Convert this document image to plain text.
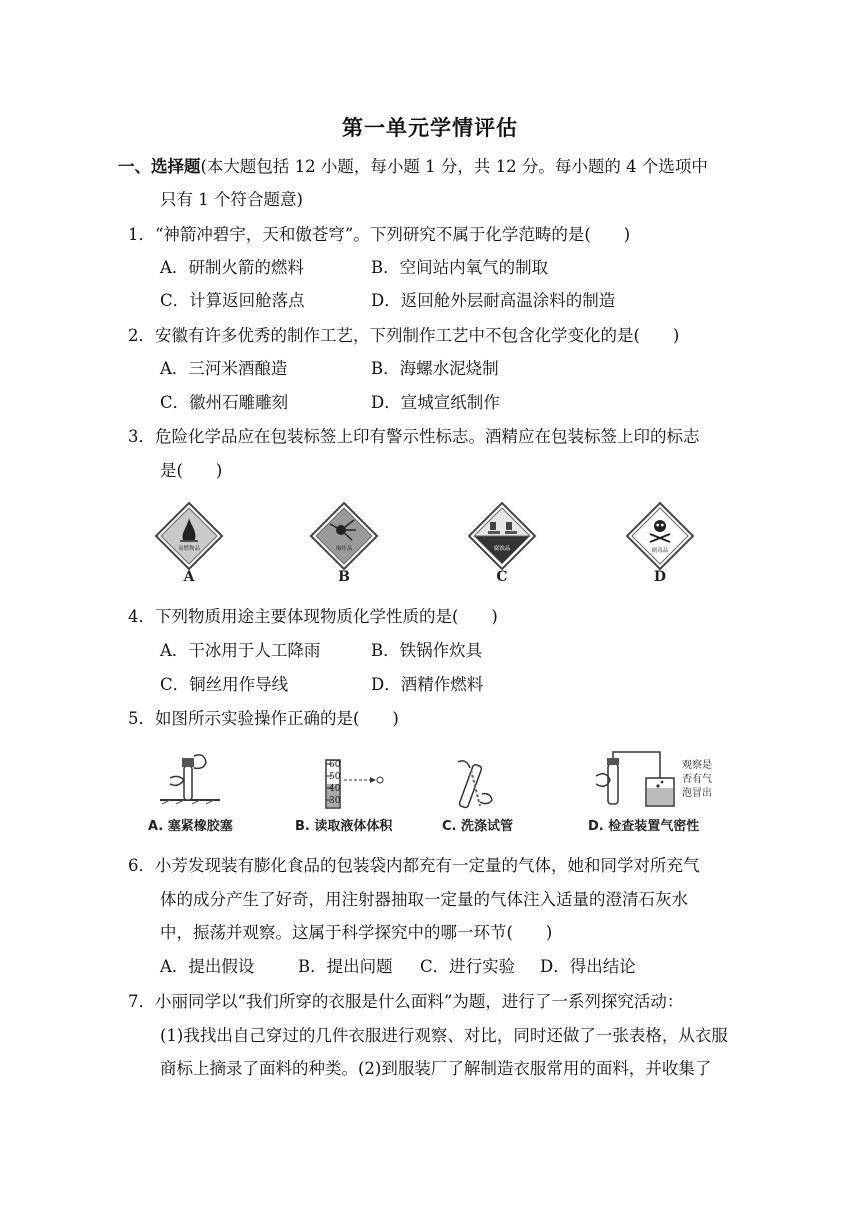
第一单元学情评估
一、选择题(本大题包括 12 小题，每小题 1 分，共 12 分。每小题的 4 个选项中
只有 1 个符合题意)
1．“神箭冲碧宇，天和傲苍穹”。下列研究不属于化学范畴的是(　　)
A．研制火箭的燃料	B．空间站内氧气的制取
C．计算返回舱落点	D．返回舱外层耐高温涂料的制造
2．安徽有许多优秀的制作工艺，下列制作工艺中不包含化学变化的是(　　)
A．三河米酒酿造	B．海螺水泥烧制
C．徽州石雕雕刻	D．宣城宣纸制作
3．危险化学品应在包装标签上印有警示性标志。酒精应在包装标签上印的标志
是(　　)
易燃物品
A
爆炸品
B
腐蚀品
C
剧毒品
D
4．下列物质用途主要体现物质化学性质的是(　　)
A．干冰用于人工降雨	B．铁锅作炊具
C．铜丝用作导线	D．酒精作燃料
5．如图所示实验操作正确的是(　　)
A. 塞紧橡胶塞
60
50
40
30
B. 读取液体体积	C. 洗涤试管
观察是
否有气
泡冒出
D. 检查装置气密性
6．小芳发现装有膨化食品的包装袋内都充有一定量的气体，她和同学对所充气
体的成分产生了好奇，用注射器抽取一定量的气体注入适量的澄清石灰水
中，振荡并观察。这属于科学探究中的哪一环节(　　)
A．提出假设	B．提出问题 C．进行实验 D．得出结论
7．小丽同学以“我们所穿的衣服是什么面料”为题，进行了一系列探究活动：
(1)我找出自己穿过的几件衣服进行观察、对比，同时还做了一张表格，从衣服
商标上摘录了面料的种类。(2)到服装厂了解制造衣服常用的面料，并收集了
